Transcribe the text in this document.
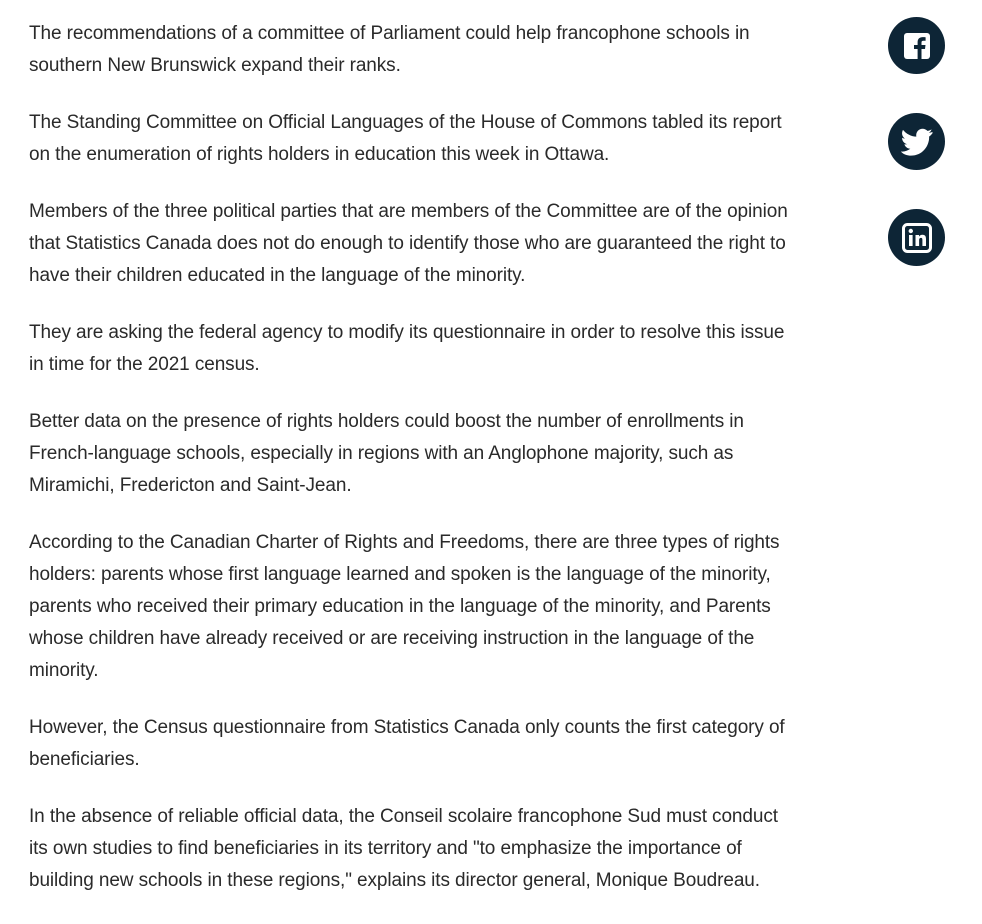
The recommendations of a committee of Parliament could help francophone schools in southern New Brunswick expand their ranks.

The Standing Committee on Official Languages of the House of Commons tabled its report on the enumeration of rights holders in education this week in Ottawa.

Members of the three political parties that are members of the Committee are of the opinion that Statistics Canada does not do enough to identify those who are guaranteed the right to have their children educated in the language of the minority.

They are asking the federal agency to modify its questionnaire in order to resolve this issue in time for the 2021 census.

Better data on the presence of rights holders could boost the number of enrollments in French-language schools, especially in regions with an Anglophone majority, such as Miramichi, Fredericton and Saint-Jean.

According to the Canadian Charter of Rights and Freedoms, there are three types of rights holders: parents whose first language learned and spoken is the language of the minority, parents who received their primary education in the language of the minority, and Parents whose children have already received or are receiving instruction in the language of the minority.

However, the Census questionnaire from Statistics Canada only counts the first category of beneficiaries.

In the absence of reliable official data, the Conseil scolaire francophone Sud must conduct its own studies to find beneficiaries in its territory and "to emphasize the importance of building new schools in these regions," explains its director general, Monique Boudreau.
